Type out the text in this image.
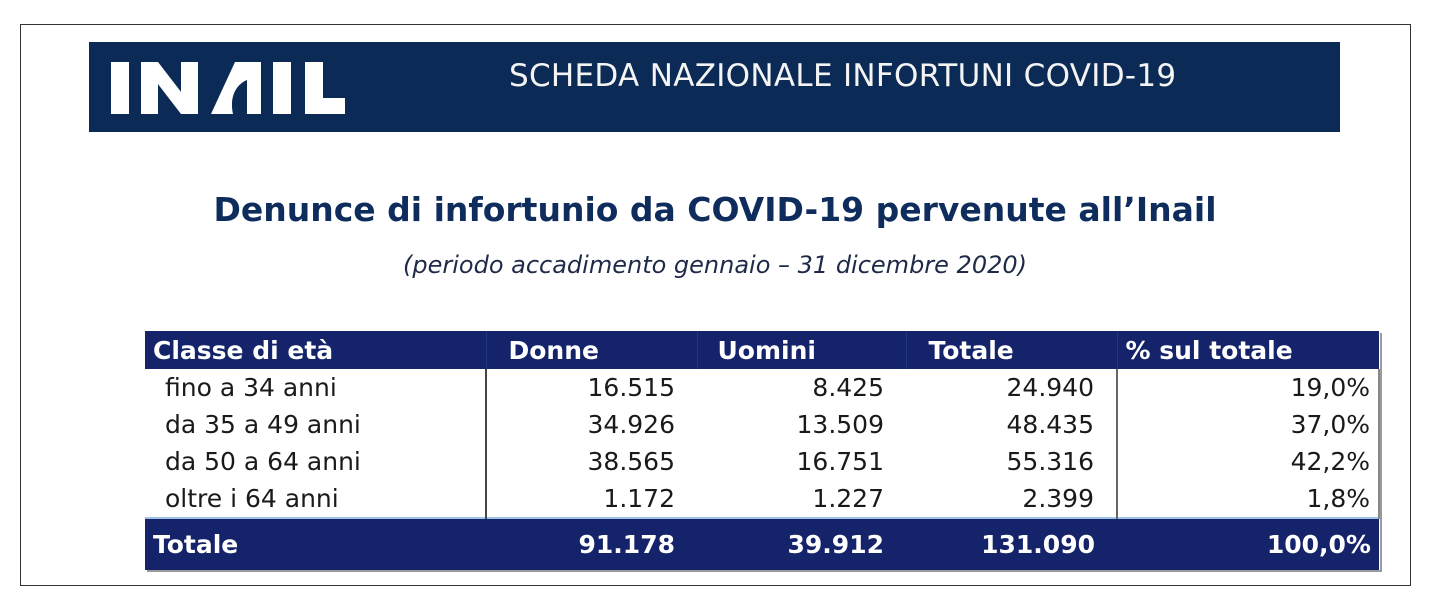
SCHEDA NAZIONALE INFORTUNI COVID-19
Denunce di infortunio da COVID-19 pervenute all’Inail
(periodo accadimento gennaio – 31 dicembre 2020)
Classe di età	Donne	Uomini	Totale	% sul totale
fino a 34 anni	16.515	8.425	24.940	19,0%
da 35 a 49 anni	34.926	13.509	48.435	37,0%
da 50 a 64 anni	38.565	16.751	55.316	42,2%
oltre i 64 anni	1.172	1.227	2.399	1,8%
Totale	91.178	39.912	131.090	100,0%
